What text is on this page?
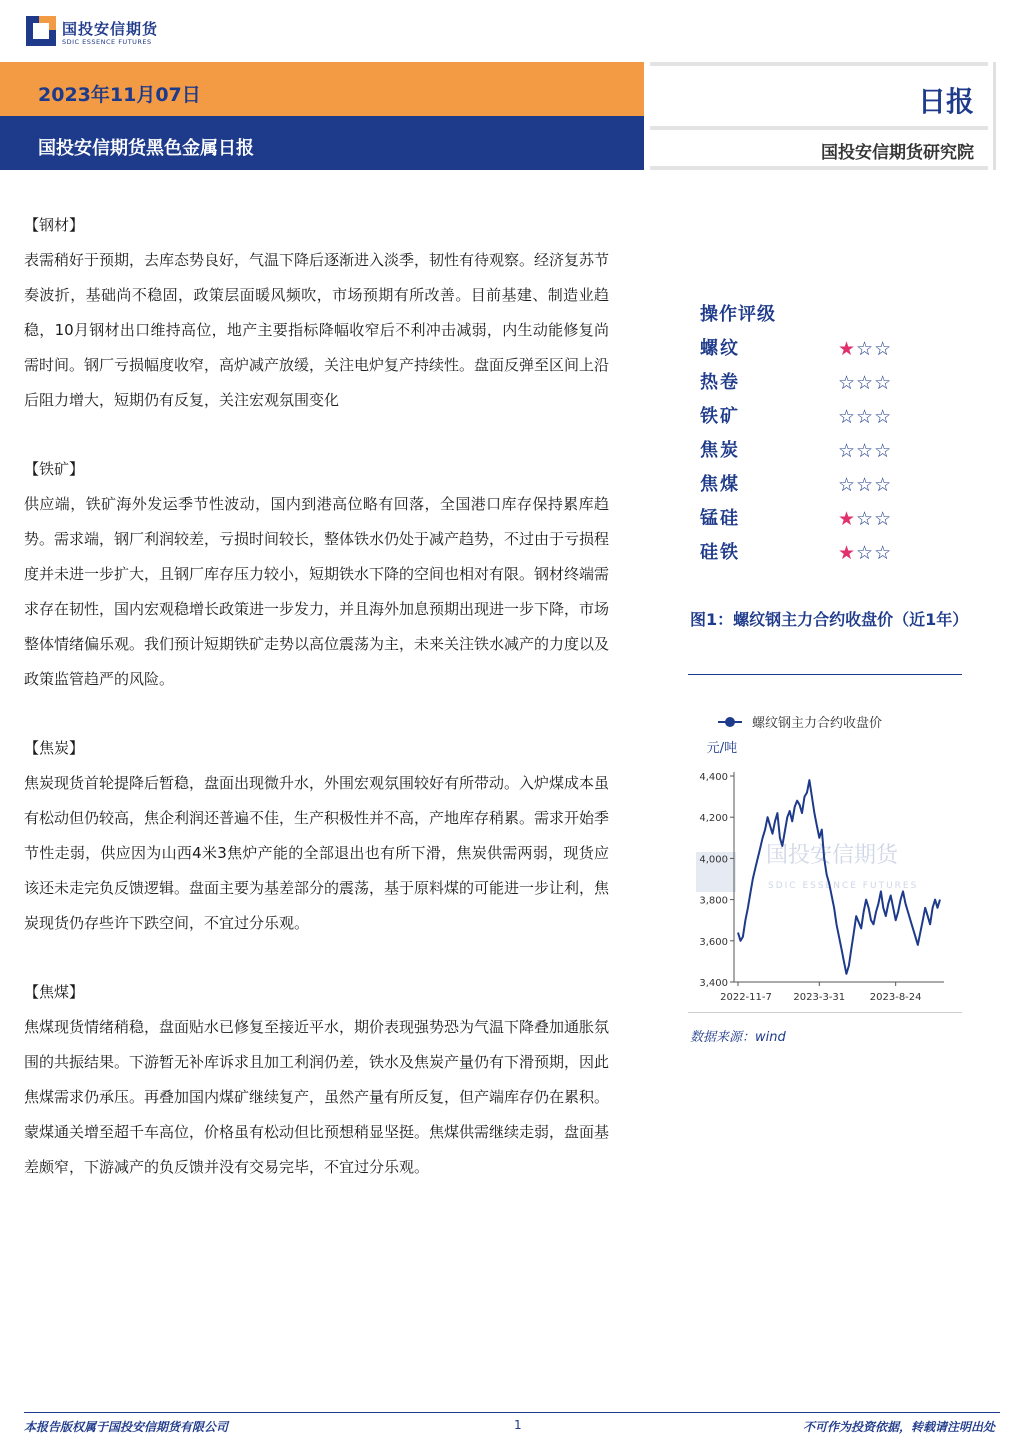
国投安信期货
SDIC ESSENCE FUTURES
2023年11月07日
国投安信期货黑色金属日报
日报
国投安信期货研究院
【钢材】
表需稍好于预期，去库态势良好，气温下降后逐渐进入淡季，韧性有待观察。经济复苏节奏波折，基础尚不稳固，政策层面暖风频吹，市场预期有所改善。目前基建、制造业趋稳，10月钢材出口维持高位，地产主要指标降幅收窄后不利冲击减弱，内生动能修复尚需时间。钢厂亏损幅度收窄，高炉减产放缓，关注电炉复产持续性。盘面反弹至区间上沿后阻力增大，短期仍有反复，关注宏观氛围变化
【铁矿】
供应端，铁矿海外发运季节性波动，国内到港高位略有回落，全国港口库存保持累库趋势。需求端，钢厂利润较差，亏损时间较长，整体铁水仍处于减产趋势，不过由于亏损程度并未进一步扩大，且钢厂库存压力较小，短期铁水下降的空间也相对有限。钢材终端需求存在韧性，国内宏观稳增长政策进一步发力，并且海外加息预期出现进一步下降，市场整体情绪偏乐观。我们预计短期铁矿走势以高位震荡为主，未来关注铁水减产的力度以及政策监管趋严的风险。
【焦炭】
焦炭现货首轮提降后暂稳，盘面出现微升水，外围宏观氛围较好有所带动。入炉煤成本虽有松动但仍较高，焦企利润还普遍不佳，生产积极性并不高，产地库存稍累。需求开始季节性走弱，供应因为山西4米3焦炉产能的全部退出也有所下滑，焦炭供需两弱，现货应该还未走完负反馈逻辑。盘面主要为基差部分的震荡，基于原料煤的可能进一步让利，焦炭现货仍存些许下跌空间，不宜过分乐观。
【焦煤】
焦煤现货情绪稍稳，盘面贴水已修复至接近平水，期价表现强势恐为气温下降叠加通胀氛围的共振结果。下游暂无补库诉求且加工利润仍差，铁水及焦炭产量仍有下滑预期，因此焦煤需求仍承压。再叠加国内煤矿继续复产，虽然产量有所反复，但产端库存仍在累积。蒙煤通关增至超千车高位，价格虽有松动但比预想稍显坚挺。焦煤供需继续走弱，盘面基差颇窄，下游减产的负反馈并没有交易完毕，不宜过分乐观。
操作评级
螺纹	★☆☆
热卷	☆☆☆
铁矿	☆☆☆
焦炭	☆☆☆
焦煤	☆☆☆
锰硅	★☆☆
硅铁	★☆☆
图1：螺纹钢主力合约收盘价（近1年）
国投安信期货
SDIC ESSENCE FUTURES
螺纹钢主力合约收盘价
元/吨
3,400
3,600
3,800
4,000
4,200
4,400
2022-11-7 2023-3-31 2023-8-24
数据来源：wind
本报告版权属于国投安信期货有限公司	1	不可作为投资依据，转载请注明出处
